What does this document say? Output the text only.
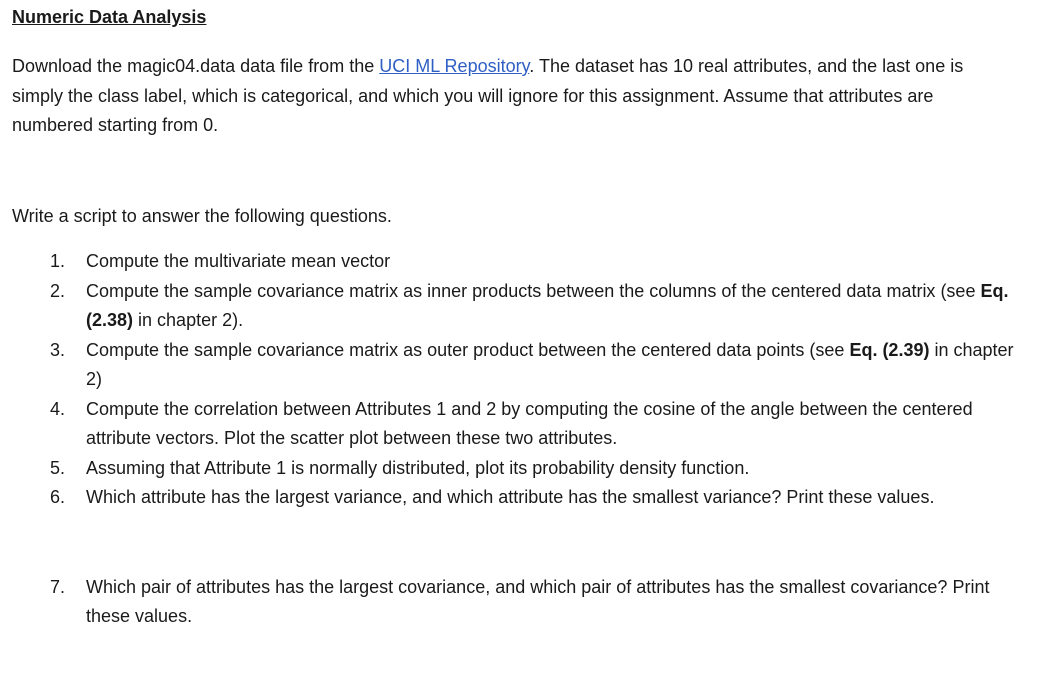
Numeric Data Analysis

Download the magic04.data data file from the UCI ML Repository. The dataset has 10 real attributes, and the last one is simply the class label, which is categorical, and which you will ignore for this assignment. Assume that attributes are numbered starting from 0.

Write a script to answer the following questions.

1. Compute the multivariate mean vector
2. Compute the sample covariance matrix as inner products between the columns of the centered data matrix (see Eq. (2.38) in chapter 2).
3. Compute the sample covariance matrix as outer product between the centered data points (see Eq. (2.39) in chapter 2)
4. Compute the correlation between Attributes 1 and 2 by computing the cosine of the angle between the centered attribute vectors. Plot the scatter plot between these two attributes.
5. Assuming that Attribute 1 is normally distributed, plot its probability density function.
6. Which attribute has the largest variance, and which attribute has the smallest variance? Print these values.
7. Which pair of attributes has the largest covariance, and which pair of attributes has the smallest covariance? Print these values.
